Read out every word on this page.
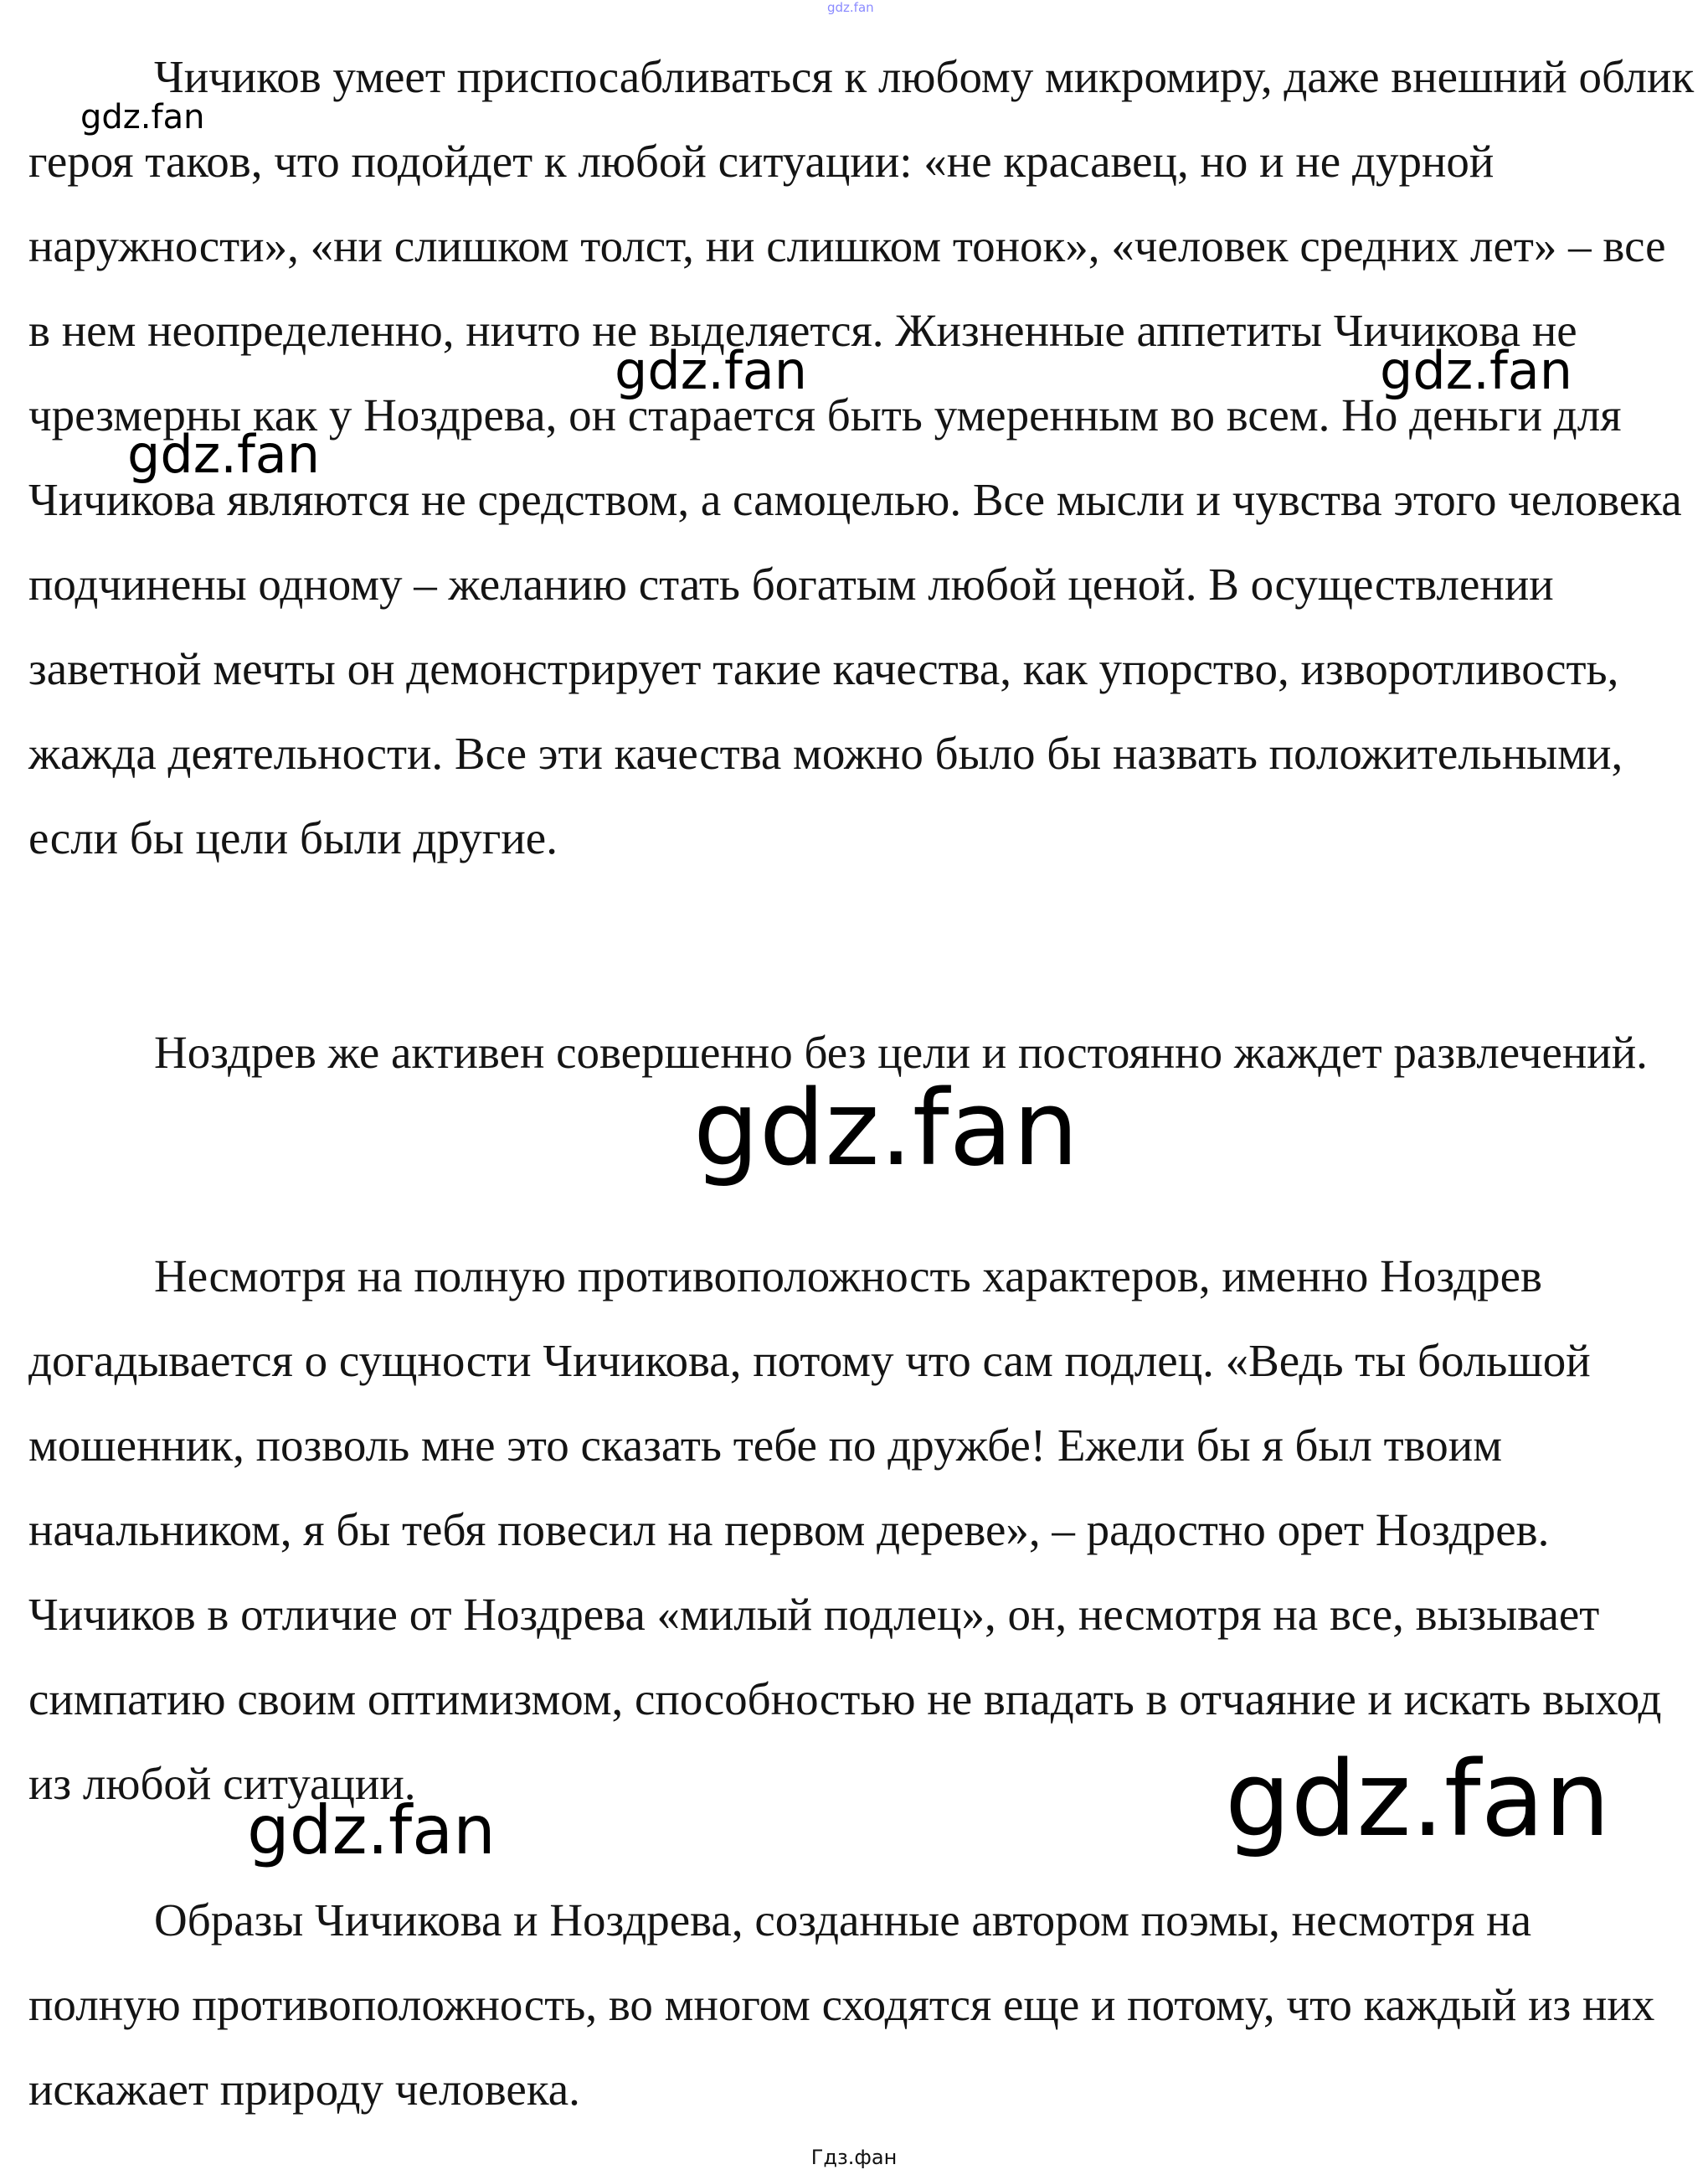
Чичиков умеет приспосабливаться к любому микромиру, даже внешний облик героя таков, что подойдет к любой ситуации: «не красавец, но и не дурной наружности», «ни слишком толст, ни слишком тонок», «человек средних лет» – все в нем неопределенно, ничто не выделяется. Жизненные аппетиты Чичикова не чрезмерны как у Ноздрева, он старается быть умеренным во всем. Но деньги для Чичикова являются не средством, а самоцелью. Все мысли и чувства этого человека подчинены одному – желанию стать богатым любой ценой. В осуществлении заветной мечты он демонстрирует такие качества, как упорство, изворотливость, жажда деятельности. Все эти качества можно было бы назвать положительными, если бы цели были другие.

Ноздрев же активен совершенно без цели и постоянно жаждет развлечений.

Несмотря на полную противоположность характеров, именно Ноздрев догадывается о сущности Чичикова, потому что сам подлец. «Ведь ты большой мошенник, позволь мне это сказать тебе по дружбе! Ежели бы я был твоим начальником, я бы тебя повесил на первом дереве», – радостно орет Ноздрев. Чичиков в отличие от Ноздрева «милый подлец», он, несмотря на все, вызывает симпатию своим оптимизмом, способностью не впадать в отчаяние и искать выход из любой ситуации.

Образы Чичикова и Ноздрева, созданные автором поэмы, несмотря на полную противоположность, во многом сходятся еще и потому, что каждый из них искажает природу человека.

gdz.fan
gdz.fan
gdz.fan	gdz.fan
gdz.fan
gdz.fan
gdz.fan
gdz.fan
Гдз.фан
